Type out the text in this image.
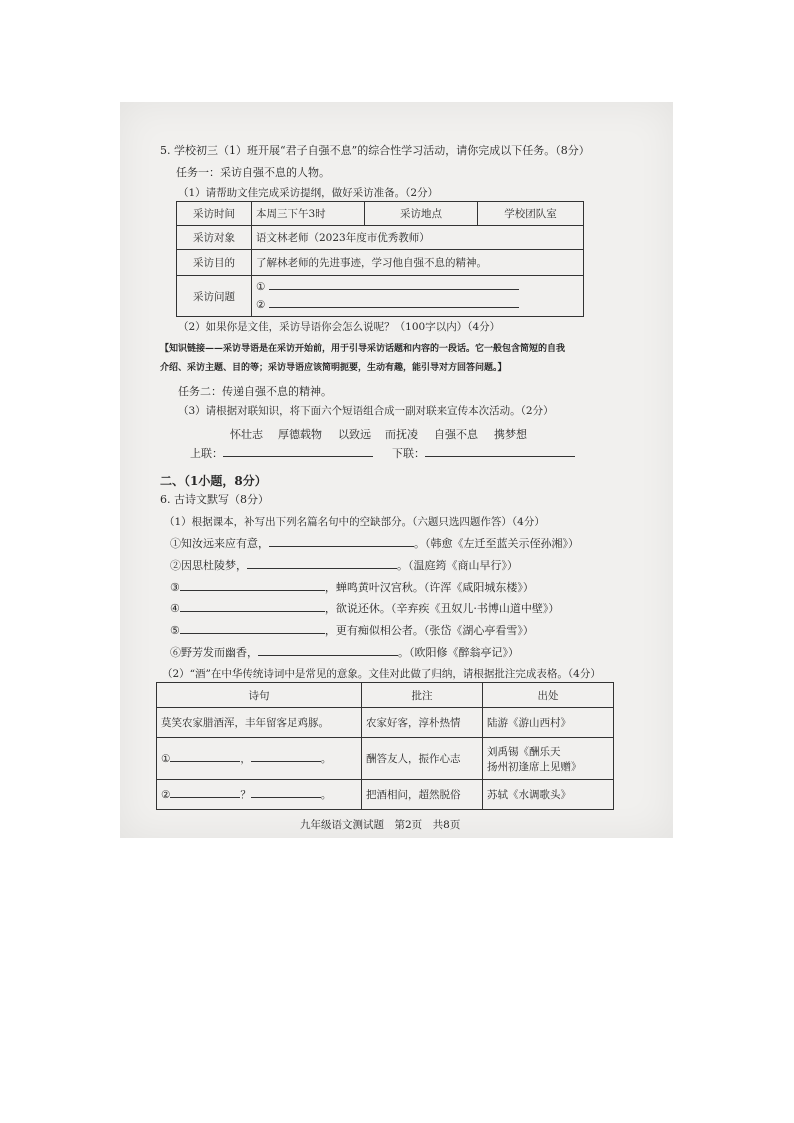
5. 学校初三（1）班开展“君子自强不息”的综合性学习活动，请你完成以下任务。（8分）
任务一：采访自强不息的人物。
（1）请帮助文佳完成采访提纲，做好采访准备。（2分）
采访时间	本周三下午3时	采访地点	学校团队室
采访对象	语文林老师（2023年度市优秀教师）		
采访目的	了解林老师的先进事迹，学习他自强不息的精神。		
采访问题	①
②		
（2）如果你是文佳，采访导语你会怎么说呢？（100字以内）（4分）
【知识链接——采访导语是在采访开始前，用于引导采访话题和内容的一段话。它一般包含简短的自我
介绍、采访主题、目的等；采访导语应该简明扼要，生动有趣，能引导对方回答问题。】
任务二：传递自强不息的精神。
（3）请根据对联知识，将下面六个短语组合成一副对联来宣传本次活动。（2分）
怀壮志 厚德载物 以致远 而抚凌 自强不息 携梦想
上联：	下联：
二、（1小题，8分）
6. 古诗文默写（8分）
（1）根据课本，补写出下列名篇名句中的空缺部分。（六题只选四题作答）（4分）
①知汝远来应有意，	。（韩愈《左迁至蓝关示侄孙湘》）
②因思杜陵梦，	。（温庭筠《商山早行》）
③	，蝉鸣黄叶汉宫秋。（许浑《咸阳城东楼》）
④	，欲说还休。（辛弃疾《丑奴儿·书博山道中壁》）
⑤	，更有痴似相公者。（张岱《湖心亭看雪》）
⑥野芳发而幽香，	。（欧阳修《醉翁亭记》）
（2）“酒”在中华传统诗词中是常见的意象。文佳对此做了归纳，请根据批注完成表格。（4分）
诗句	批注	出处
莫笑农家腊酒浑，丰年留客足鸡豚。	农家好客，淳朴热情	陆游《游山西村》
① ， 。	酬答友人，振作心志	刘禹锡《酬乐天
扬州初逢席上见赠》

② ？ 。	把酒相问，超然脱俗	苏轼《水调歌头》
九年级语文测试题　第2页　共8页
